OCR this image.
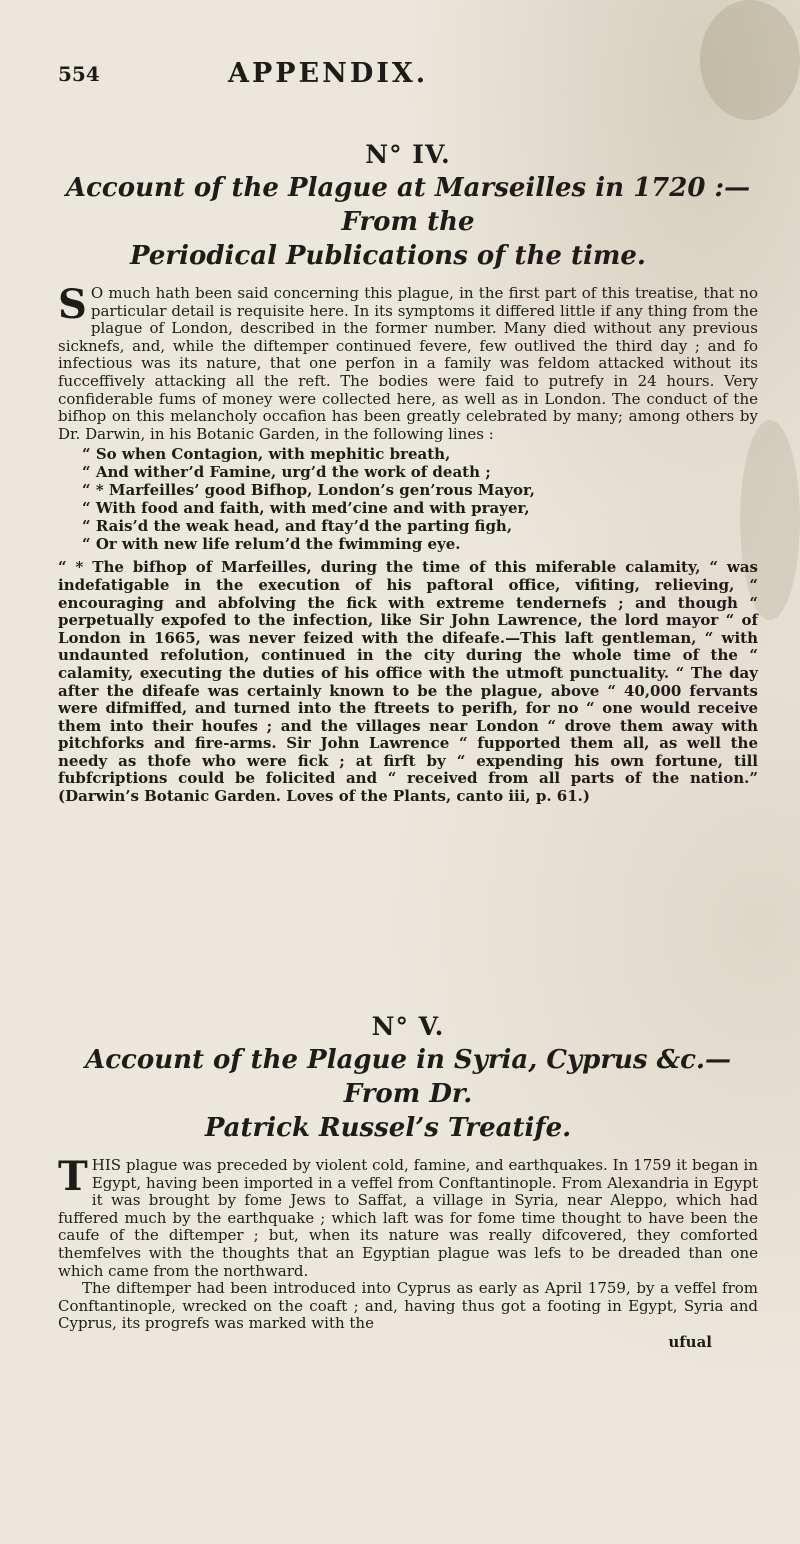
554	APPENDIX.

N° IV.

Account of the Plague at Marseilles in 1720 :—From the
Periodical Publications of the time.

S O much hath been said concerning this plague, in the first part of this treatise, that no particular detail is requisite here. In its symptoms it differed little if any thing from the plague of London, described in the former number. Many died without any previous sicknefs, and, while the diftemper continued fevere, few outlived the third day ; and fo infectious was its nature, that one perfon in a family was feldom attacked without its fucceffively attacking all the reft. The bodies were faid to putrefy in 24 hours. Very confiderable fums of money were collected here, as well as in London. The conduct of the bifhop on this melancholy occafion has been greatly celebrated by many; among others by Dr. Darwin, in his Botanic Garden, in the following lines :

“ So when Contagion, with mephitic breath,
“ And wither’d Famine, urg’d the work of death ;
“ * Marfeilles’ good Bifhop, London’s gen’rous Mayor,
“ With food and faith, with med’cine and with prayer,
“ Rais’d the weak head, and ftay’d the parting figh,
“ Or with new life relum’d the fwimming eye.

“ * The bifhop of Marfeilles, during the time of this miferable calamity, “ was indefatigable in the execution of his paftoral office, vifiting, relieving, “ encouraging and abfolving the fick with extreme tendernefs ; and though “ perpetually expofed to the infection, like Sir John Lawrence, the lord mayor “ of London in 1665, was never feized with the difeafe.—This laft gentleman, “ with undaunted refolution, continued in the city during the whole time of the “ calamity, executing the duties of his office with the utmoft punctuality. “ The day after the difeafe was certainly known to be the plague, above “ 40,000 fervants were difmiffed, and turned into the ftreets to perifh, for no “ one would receive them into their houfes ; and the villages near London “ drove them away with pitchforks and fire-arms. Sir John Lawrence “ fupported them all, as well the needy as thofe who were fick ; at firft by “ expending his own fortune, till fubfcriptions could be folicited and “ received from all parts of the nation.” (Darwin’s Botanic Garden. Loves of the Plants, canto iii, p. 61.)

N° V.

Account of the Plague in Syria, Cyprus &c.—From Dr.
Patrick Russel’s Treatife.

THIS plague was preceded by violent cold, famine, and earthquakes. In 1759 it began in Egypt, having been imported in a veffel from Conftantinople. From Alexandria in Egypt it was brought by fome Jews to Saffat, a village in Syria, near Aleppo, which had fuffered much by the earthquake ; which laft was for fome time thought to have been the caufe of the diftemper ; but, when its nature was really difcovered, they comforted themfelves with the thoughts that an Egyptian plague was lefs to be dreaded than one which came from the northward.

The diftemper had been introduced into Cyprus as early as April 1759, by a veffel from Conftantinople, wrecked on the coaft ; and, having thus got a footing in Egypt, Syria and Cyprus, its progrefs was marked with the

ufual
